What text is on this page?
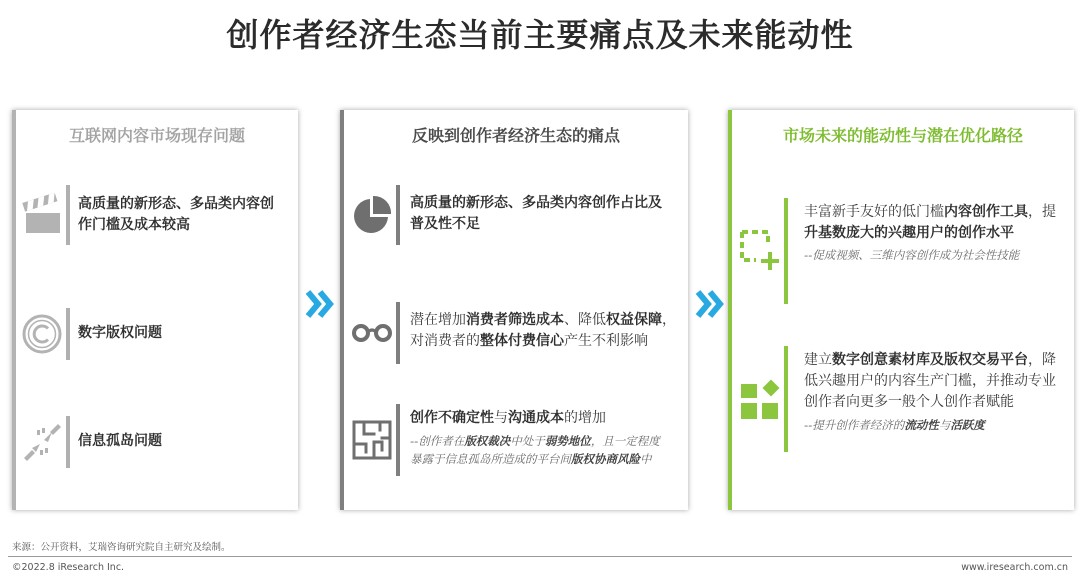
创作者经济生态当前主要痛点及未来能动性
互联网内容市场现存问题
高质量的新形态、多品类内容创
作门槛及成本较高
数字版权问题
信息孤岛问题
反映到创作者经济生态的痛点
高质量的新形态、多品类内容创作占比及
普及性不足
潜在增加消费者筛选成本、降低权益保障，
对消费者的整体付费信心产生不利影响
创作不确定性与沟通成本的增加
--创作者在版权裁决中处于弱势地位，且一定程度
暴露于信息孤岛所造成的平台间版权协商风险中
市场未来的能动性与潜在优化路径
丰富新手友好的低门槛内容创作工具，提
升基数庞大的兴趣用户的创作水平
--促成视频、三维内容创作成为社会性技能
建立数字创意素材库及版权交易平台，降
低兴趣用户的内容生产门槛，并推动专业
创作者向更多一般个人创作者赋能
--提升创作者经济的流动性与活跃度
来源：公开资料，艾瑞咨询研究院自主研究及绘制。
©2022.8 iResearch Inc.	www.iresearch.com.cn
